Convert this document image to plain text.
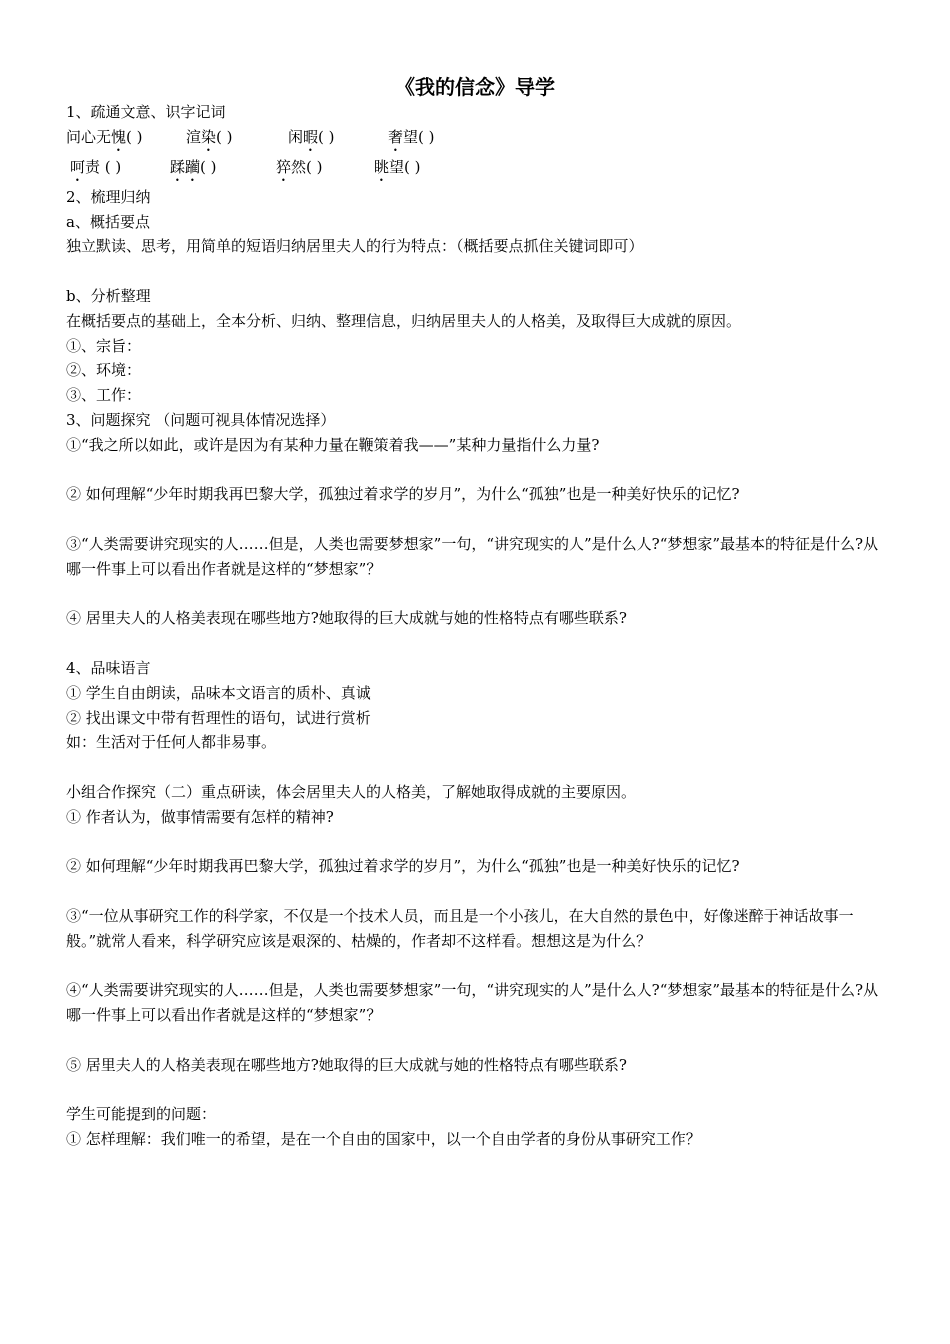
《我的信念》导学
1、疏通文意、识字记词
问心无愧( )	渲染( )	闲暇( )	奢望( )
呵责 ( )	蹂躏( )	猝然( )	眺望( )
2、梳理归纳
a、概括要点
独立默读、思考，用简单的短语归纳居里夫人的行为特点：（概括要点抓住关键词即可）
b、分析整理
在概括要点的基础上，全本分析、归纳、整理信息，归纳居里夫人的人格美，及取得巨大成就的原因。
①、宗旨：
②、环境：
③、工作：
3、问题探究 （问题可视具体情况选择）
①“我之所以如此，或许是因为有某种力量在鞭策着我——”某种力量指什么力量?
② 如何理解“少年时期我再巴黎大学，孤独过着求学的岁月”，为什么“孤独”也是一种美好快乐的记忆?
③“人类需要讲究现实的人……但是，人类也需要梦想家”一句，“讲究现实的人”是什么人?“梦想家”最基本的特征是什么?从哪一件事上可以看出作者就是这样的“梦想家”？
④ 居里夫人的人格美表现在哪些地方?她取得的巨大成就与她的性格特点有哪些联系?
4、品味语言
① 学生自由朗读，品味本文语言的质朴、真诚
② 找出课文中带有哲理性的语句，试进行赏析
如：生活对于任何人都非易事。
小组合作探究（二）重点研读，体会居里夫人的人格美，了解她取得成就的主要原因。
① 作者认为，做事情需要有怎样的精神?
② 如何理解“少年时期我再巴黎大学，孤独过着求学的岁月”，为什么“孤独”也是一种美好快乐的记忆?
③“一位从事研究工作的科学家，不仅是一个技术人员，而且是一个小孩儿，在大自然的景色中，好像迷醉于神话故事一般。”就常人看来，科学研究应该是艰深的、枯燥的，作者却不这样看。想想这是为什么？
④“人类需要讲究现实的人……但是，人类也需要梦想家”一句，“讲究现实的人”是什么人?“梦想家”最基本的特征是什么?从哪一件事上可以看出作者就是这样的“梦想家”？
⑤ 居里夫人的人格美表现在哪些地方?她取得的巨大成就与她的性格特点有哪些联系?
学生可能提到的问题：
① 怎样理解：我们唯一的希望，是在一个自由的国家中，以一个自由学者的身份从事研究工作？
